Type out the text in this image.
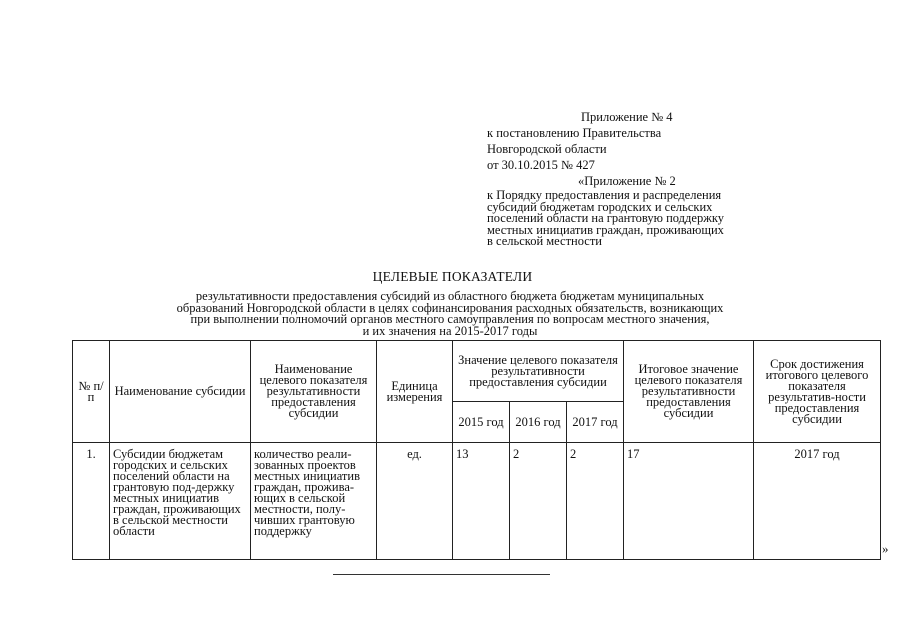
Приложение № 4
к постановлению Правительства
Новгородской области
от 30.10.2015 № 427
«Приложение № 2
к Порядку предоставления и распределения
субсидий бюджетам городских и сельских
поселений области на грантовую поддержку
местных инициатив граждан, проживающих
в сельской местности
ЦЕЛЕВЫЕ ПОКАЗАТЕЛИ
результативности предоставления субсидий из областного бюджета бюджетам муниципальных
образований Новгородской области в целях софинансирования расходных обязательств, возникающих
при выполнении полномочий органов местного самоуправления по вопросам местного значения,
и их значения на 2015-2017 годы
№ п/п	Наименование субсидии	Наименование целевого показателя результативности предоставления субсидии	Единица измерения	Значение целевого показателя результативности предоставления субсидии			Итоговое значение целевого показателя результативности предоставления субсидии	Срок достижения итогового целевого показателя результатив-ности предоставления субсидии
				2015 год	2016 год	2017 год		
1.	Субсидии бюджетам городских и сельских поселений области на грантовую под-держку местных инициатив граждан, проживающих в сельской местности области	количество реали-зованных проектов местных инициатив граждан, прожива-ющих в сельской местности, полу-чивших грантовую поддержку	ед.	13	2	2	17	2017 год
»
